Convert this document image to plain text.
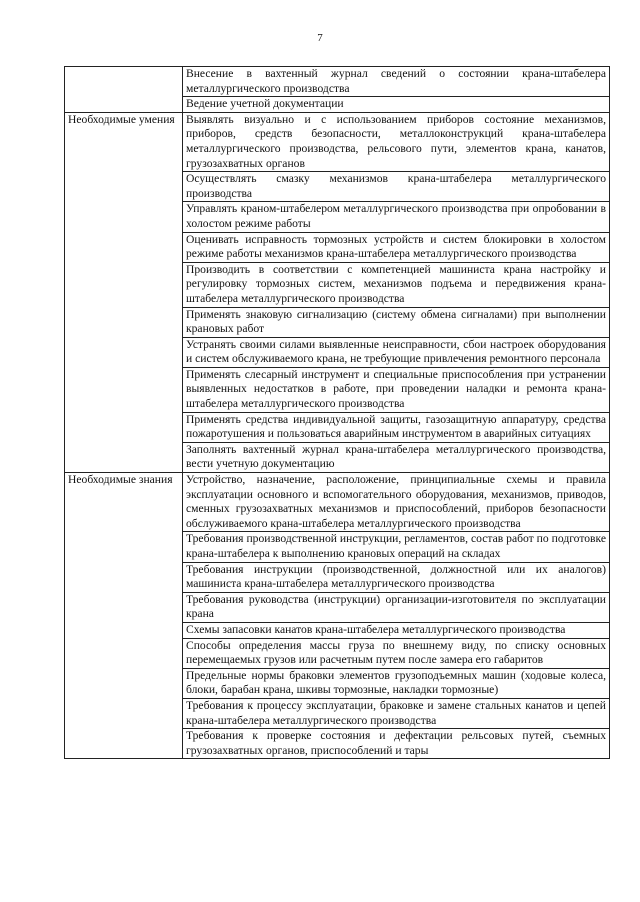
7

	Внесение в вахтенный журнал сведений о состоянии крана-штабелера металлургического производства

	Ведение учетной документации

Необходимые умения	Выявлять визуально и с использованием приборов состояние механизмов, приборов, средств безопасности, металлоконструкций крана-штабелера металлургического производства, рельсового пути, элементов крана, канатов, грузозахватных органов

	Осуществлять смазку механизмов крана-штабелера металлургического производства

	Управлять краном-штабелером металлургического производства при опробовании в холостом режиме работы

	Оценивать исправность тормозных устройств и систем блокировки в холостом режиме работы механизмов крана-штабелера металлургического производства

	Производить в соответствии с компетенцией машиниста крана настройку и регулировку тормозных систем, механизмов подъема и передвижения крана-штабелера металлургического производства

	Применять знаковую сигнализацию (систему обмена сигналами) при выполнении крановых работ

	Устранять своими силами выявленные неисправности, сбои настроек оборудования и систем обслуживаемого крана, не требующие привлечения ремонтного персонала

	Применять слесарный инструмент и специальные приспособления при устранении выявленных недостатков в работе, при проведении наладки и ремонта крана-штабелера металлургического производства

	Применять средства индивидуальной защиты, газозащитную аппаратуру, средства пожаротушения и пользоваться аварийным инструментом в аварийных ситуациях

	Заполнять вахтенный журнал крана-штабелера металлургического производства, вести учетную документацию

Необходимые знания	Устройство, назначение, расположение, принципиальные схемы и правила эксплуатации основного и вспомогательного оборудования, механизмов, приводов, сменных грузозахватных механизмов и приспособлений, приборов безопасности обслуживаемого крана-штабелера металлургического производства

	Требования производственной инструкции, регламентов, состав работ по подготовке крана-штабелера к выполнению крановых операций на складах

	Требования инструкции (производственной, должностной или их аналогов) машиниста крана-штабелера металлургического производства

	Требования руководства (инструкции) организации-изготовителя по эксплуатации крана

	Схемы запасовки канатов крана-штабелера металлургического производства

	Способы определения массы груза по внешнему виду, по списку основных перемещаемых грузов или расчетным путем после замера его габаритов

	Предельные нормы браковки элементов грузоподъемных машин (ходовые колеса, блоки, барабан крана, шкивы тормозные, накладки тормозные)

	Требования к процессу эксплуатации, браковке и замене стальных канатов и цепей крана-штабелера металлургического производства

	Требования к проверке состояния и дефектации рельсовых путей, съемных грузозахватных органов, приспособлений и тары
